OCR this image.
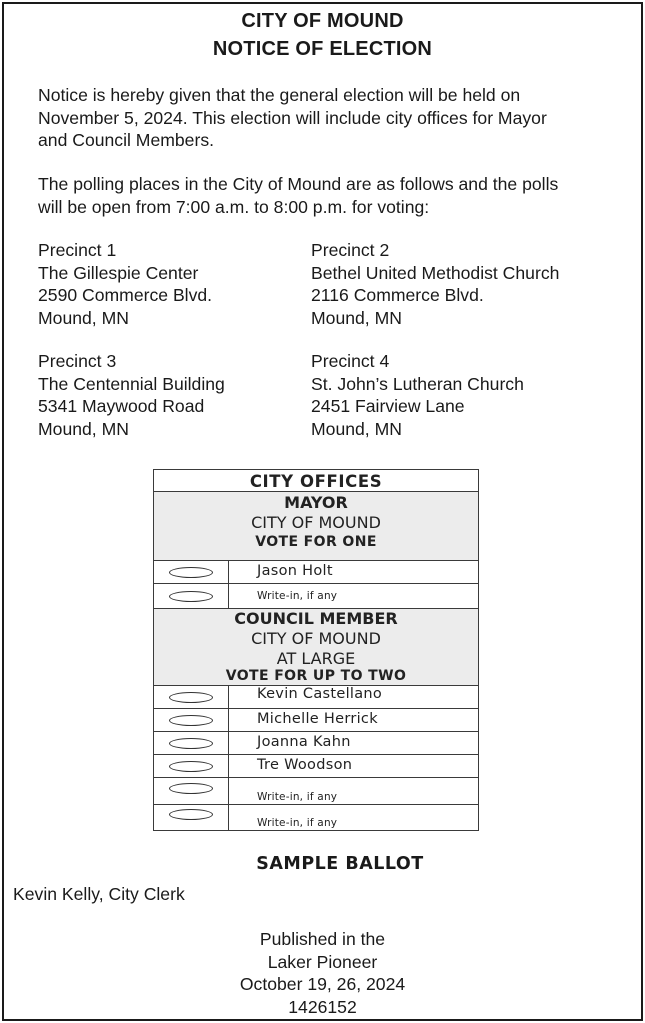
CITY OF MOUND
NOTICE OF ELECTION
Notice is hereby given that the general election will be held on
November 5, 2024. This election will include city offices for Mayor
and Council Members.
The polling places in the City of Mound are as follows and the polls
will be open from 7:00 a.m. to 8:00 p.m. for voting:
Precinct 1
The Gillespie Center
2590 Commerce Blvd.
Mound, MN
Precinct 2
Bethel United Methodist Church
2116 Commerce Blvd.
Mound, MN
Precinct 3
The Centennial Building
5341 Maywood Road
Mound, MN
Precinct 4
St. John’s Lutheran Church
2451 Fairview Lane
Mound, MN
CITY OFFICES
MAYOR
CITY OF MOUND
VOTE FOR ONE
Jason Holt
Write-in, if any
COUNCIL MEMBER
CITY OF MOUND
AT LARGE
VOTE FOR UP TO TWO
Kevin Castellano
Michelle Herrick
Joanna Kahn
Tre Woodson
Write-in, if any
Write-in, if any
SAMPLE BALLOT
Kevin Kelly, City Clerk
Published in the
Laker Pioneer
October 19, 26, 2024
1426152
